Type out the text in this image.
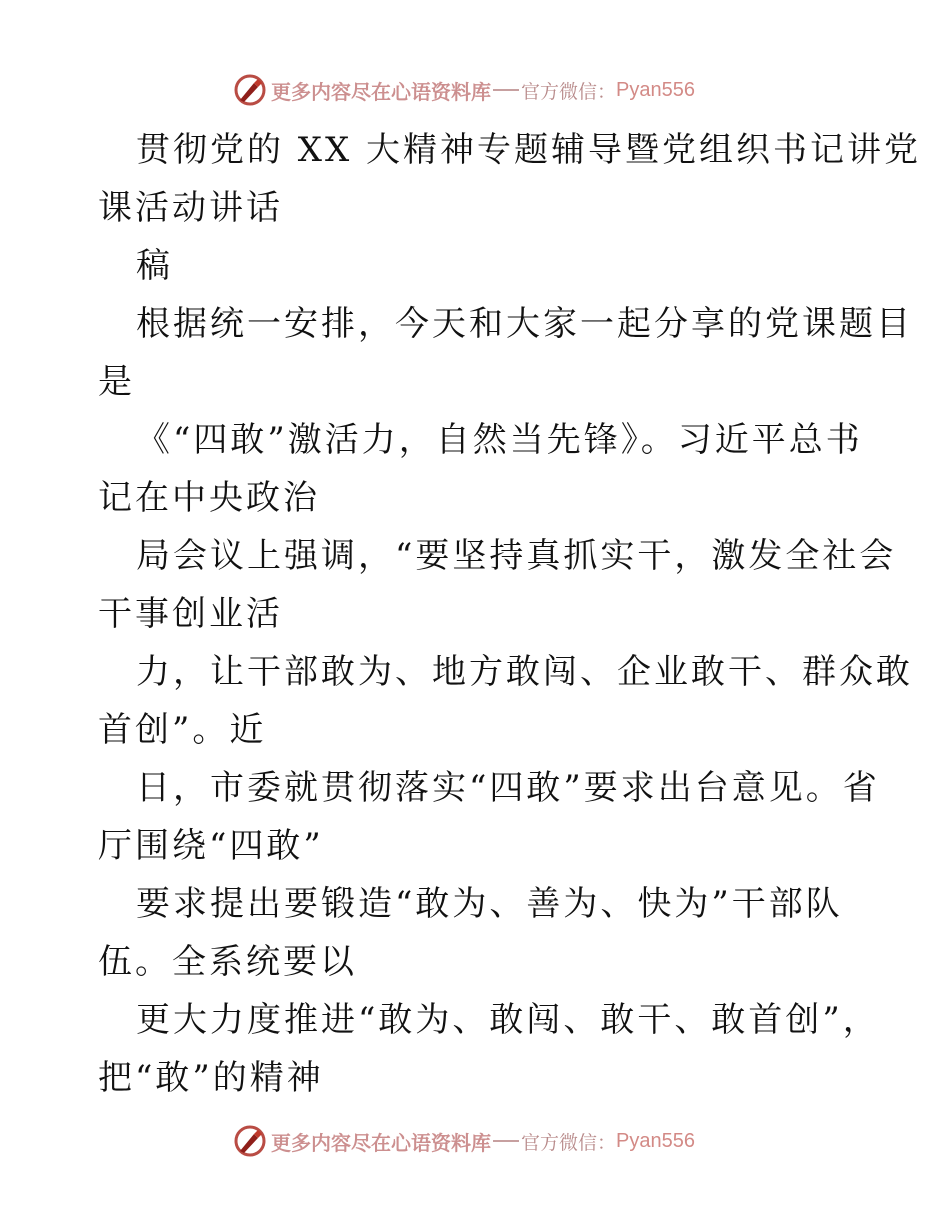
更多内容尽在心语资料库 官方微信： Pyan556
贯彻党的 XX 大精神专题辅导暨党组织书记讲党
课活动讲话
稿
根据统一安排，今天和大家一起分享的党课题目
是
《“四敢”激活力，自然当先锋》。习近平总书
记在中央政治
局会议上强调，“要坚持真抓实干，激发全社会
干事创业活
力，让干部敢为、地方敢闯、企业敢干、群众敢
首创”。近
日，市委就贯彻落实“四敢”要求出台意见。省
厅围绕“四敢”
要求提出要锻造“敢为、善为、快为”干部队
伍。全系统要以
更大力度推进“敢为、敢闯、敢干、敢首创”，
把“敢”的精神
更多内容尽在心语资料库 官方微信： Pyan556
